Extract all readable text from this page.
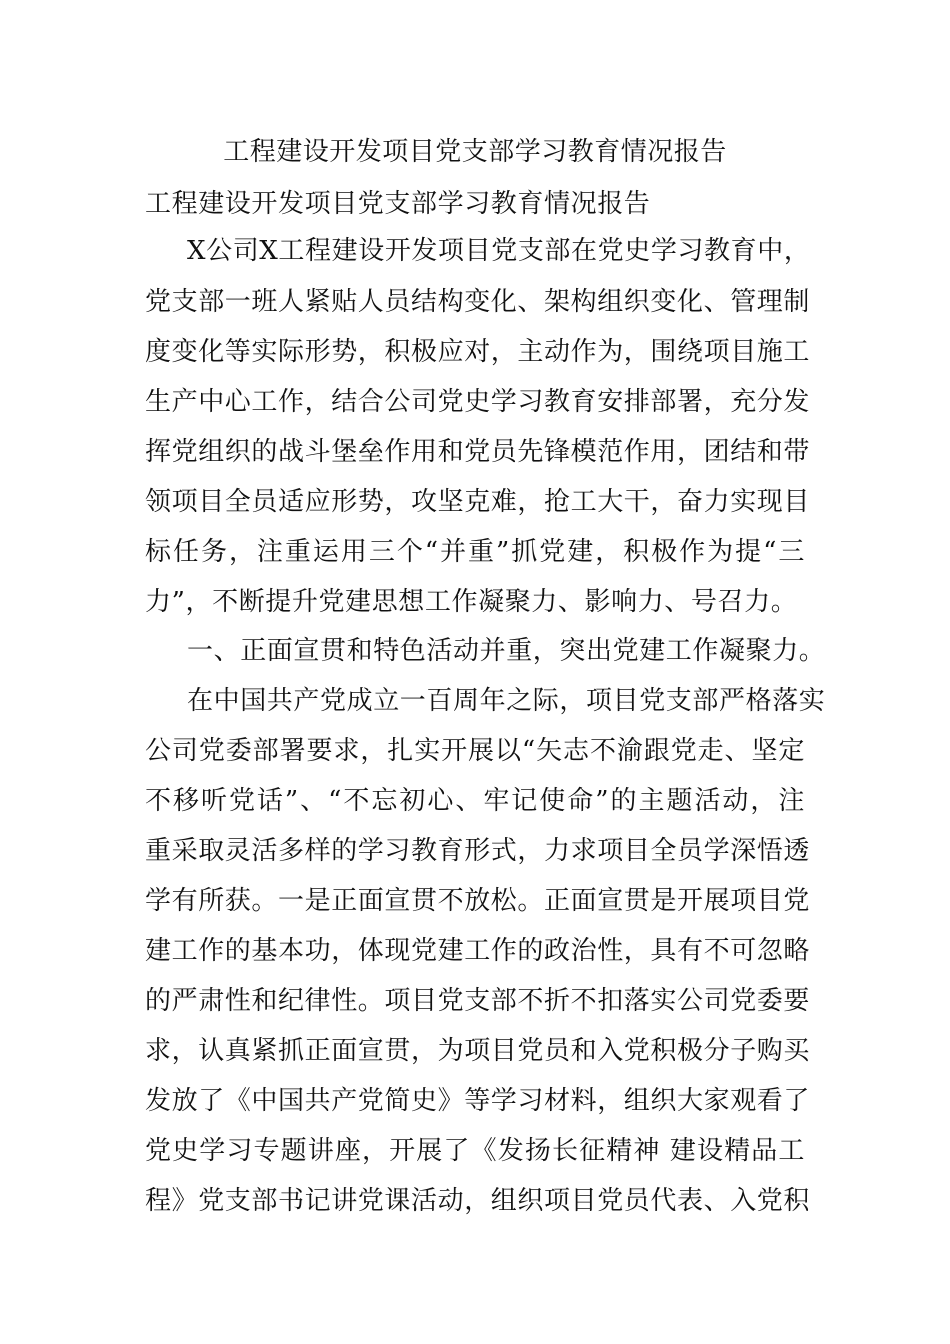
工程建设开发项目党支部学习教育情况报告
工程建设开发项目党支部学习教育情况报告
X公司X工程建设开发项目党支部在党史学习教育中，
党支部一班人紧贴人员结构变化、架构组织变化、管理制
度变化等实际形势，积极应对，主动作为，围绕项目施工
生产中心工作，结合公司党史学习教育安排部署，充分发
挥党组织的战斗堡垒作用和党员先锋模范作用，团结和带
领项目全员适应形势，攻坚克难，抢工大干，奋力实现目
标任务，注重运用三个“并重”抓党建，积极作为提“三
力”，不断提升党建思想工作凝聚力、影响力、号召力。
一、正面宣贯和特色活动并重，突出党建工作凝聚力。
在中国共产党成立一百周年之际，项目党支部严格落实
公司党委部署要求，扎实开展以“矢志不渝跟党走、坚定
不移听党话”、“不忘初心、牢记使命”的主题活动，注
重采取灵活多样的学习教育形式，力求项目全员学深悟透
学有所获。一是正面宣贯不放松。正面宣贯是开展项目党
建工作的基本功，体现党建工作的政治性，具有不可忽略
的严肃性和纪律性。项目党支部不折不扣落实公司党委要
求，认真紧抓正面宣贯，为项目党员和入党积极分子购买
发放了《中国共产党简史》等学习材料，组织大家观看了
党史学习专题讲座，开展了《发扬长征精神 建设精品工
程》党支部书记讲党课活动，组织项目党员代表、入党积
